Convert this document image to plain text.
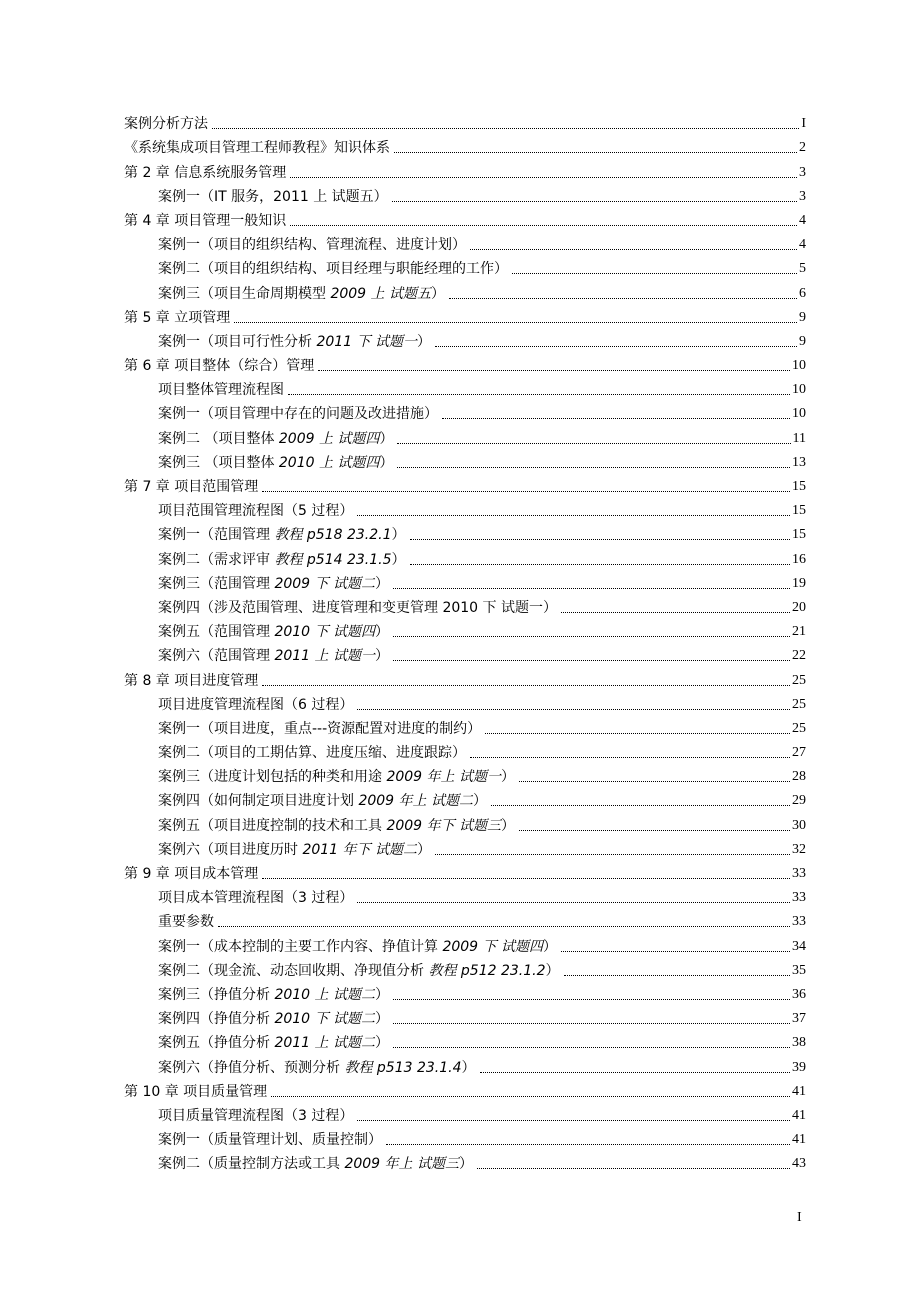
案例分析方法	I
《系统集成项目管理工程师教程》知识体系	2
第 2 章 信息系统服务管理	3
案例一（IT 服务，2011 上 试题五）	3
第 4 章 项目管理一般知识	4
案例一（项目的组织结构、管理流程、进度计划）	4
案例二（项目的组织结构、项目经理与职能经理的工作）	5
案例三（项目生命周期模型 2009 上 试题五）	6
第 5 章 立项管理	9
案例一（项目可行性分析 2011 下 试题一）	9
第 6 章 项目整体（综合）管理	10
项目整体管理流程图	10
案例一（项目管理中存在的问题及改进措施）	10
案例二 （项目整体 2009 上 试题四）	11
案例三 （项目整体 2010 上 试题四）	13
第 7 章 项目范围管理	15
项目范围管理流程图（5 过程）	15
案例一（范围管理 教程 p518 23.2.1）	15
案例二（需求评审 教程 p514 23.1.5）	16
案例三（范围管理 2009 下 试题二）	19
案例四（涉及范围管理、进度管理和变更管理 2010 下 试题一）	20
案例五（范围管理 2010 下 试题四）	21
案例六（范围管理 2011 上 试题一）	22
第 8 章 项目进度管理	25
项目进度管理流程图（6 过程）	25
案例一（项目进度，重点---资源配置对进度的制约）	25
案例二（项目的工期估算、进度压缩、进度跟踪）	27
案例三（进度计划包括的种类和用途 2009 年上 试题一）	28
案例四（如何制定项目进度计划 2009 年上 试题二）	29
案例五（项目进度控制的技术和工具 2009 年下 试题三）	30
案例六（项目进度历时 2011 年下 试题二）	32
第 9 章 项目成本管理	33
项目成本管理流程图（3 过程）	33
重要参数	33
案例一（成本控制的主要工作内容、挣值计算 2009 下 试题四）	34
案例二（现金流、动态回收期、净现值分析 教程 p512 23.1.2）	35
案例三（挣值分析 2010 上 试题二）	36
案例四（挣值分析 2010 下 试题二）	37
案例五（挣值分析 2011 上 试题二）	38
案例六（挣值分析、预测分析 教程 p513 23.1.4）	39
第 10 章 项目质量管理	41
项目质量管理流程图（3 过程）	41
案例一（质量管理计划、质量控制）	41
案例二（质量控制方法或工具 2009 年上 试题三）	43
I
